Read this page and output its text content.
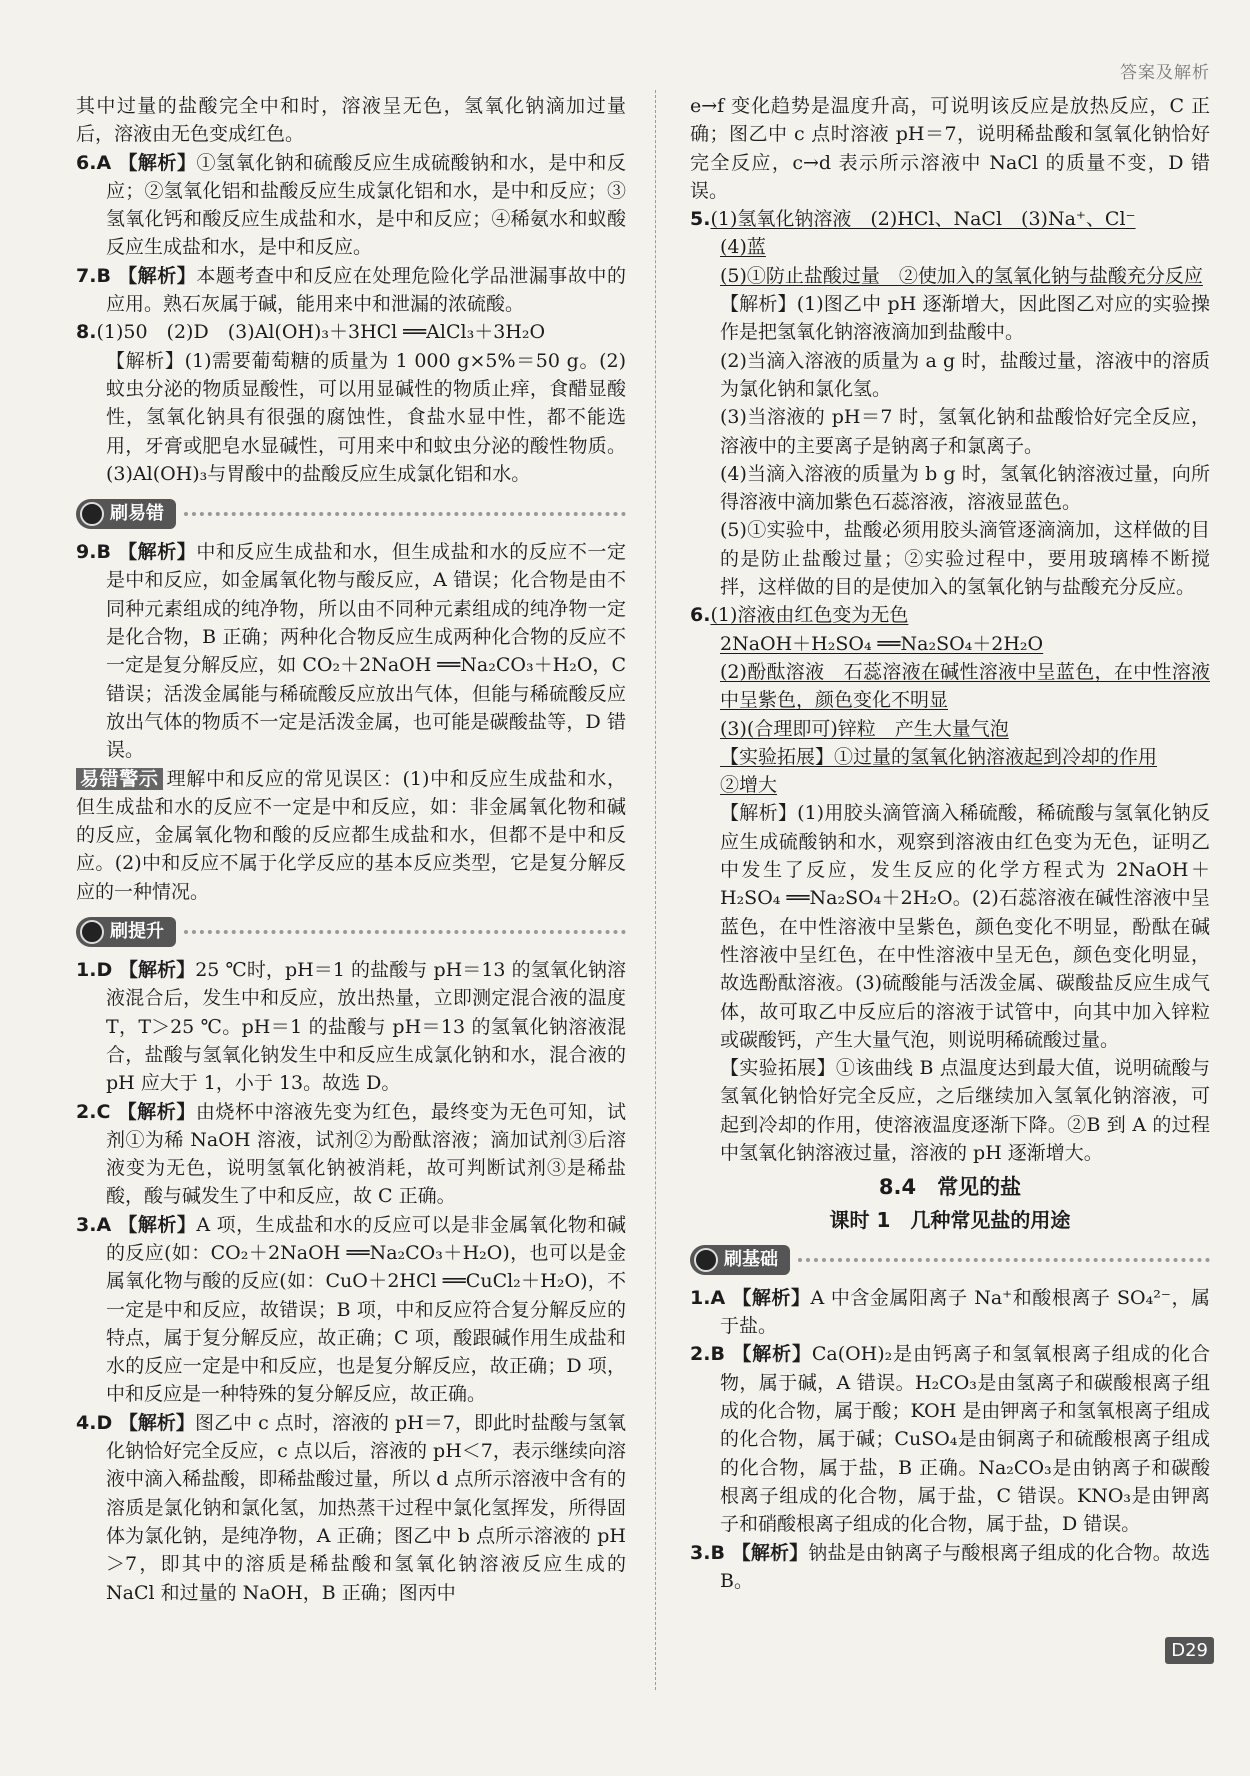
答案及解析

其中过量的盐酸完全中和时，溶液呈无色，氢氧化钠滴加过量后，溶液由无色变成红色。

6.A 【解析】①氢氧化钠和硫酸反应生成硫酸钠和水，是中和反应；②氢氧化铝和盐酸反应生成氯化铝和水，是中和反应；③氢氧化钙和酸反应生成盐和水，是中和反应；④稀氨水和蚁酸反应生成盐和水，是中和反应。

7.B 【解析】本题考查中和反应在处理危险化学品泄漏事故中的应用。熟石灰属于碱，能用来中和泄漏的浓硫酸。

8.(1)50　(2)D　(3)Al(OH)₃＋3HCl ══AlCl₃＋3H₂O

【解析】(1)需要葡萄糖的质量为 1 000 g×5%＝50 g。(2)蚊虫分泌的物质显酸性，可以用显碱性的物质止痒，食醋显酸性，氢氧化钠具有很强的腐蚀性，食盐水显中性，都不能选用，牙膏或肥皂水显碱性，可用来中和蚊虫分泌的酸性物质。(3)Al(OH)₃与胃酸中的盐酸反应生成氯化铝和水。

刷易错

9.B 【解析】中和反应生成盐和水，但生成盐和水的反应不一定是中和反应，如金属氧化物与酸反应，A 错误；化合物是由不同种元素组成的纯净物，所以由不同种元素组成的纯净物一定是化合物，B 正确；两种化合物反应生成两种化合物的反应不一定是复分解反应，如 CO₂＋2NaOH ══Na₂CO₃＋H₂O，C 错误；活泼金属能与稀硫酸反应放出气体，但能与稀硫酸反应放出气体的物质不一定是活泼金属，也可能是碳酸盐等，D 错误。

易错警示 理解中和反应的常见误区：(1)中和反应生成盐和水，但生成盐和水的反应不一定是中和反应，如：非金属氧化物和碱的反应，金属氧化物和酸的反应都生成盐和水，但都不是中和反应。(2)中和反应不属于化学反应的基本反应类型，它是复分解反应的一种情况。

刷提升

1.D 【解析】25 ℃时，pH＝1 的盐酸与 pH＝13 的氢氧化钠溶液混合后，发生中和反应，放出热量，立即测定混合液的温度 T，T＞25 ℃。pH＝1 的盐酸与 pH＝13 的氢氧化钠溶液混合，盐酸与氢氧化钠发生中和反应生成氯化钠和水，混合液的 pH 应大于 1，小于 13。故选 D。

2.C 【解析】由烧杯中溶液先变为红色，最终变为无色可知，试剂①为稀 NaOH 溶液，试剂②为酚酞溶液；滴加试剂③后溶液变为无色，说明氢氧化钠被消耗，故可判断试剂③是稀盐酸，酸与碱发生了中和反应，故 C 正确。

3.A 【解析】A 项，生成盐和水的反应可以是非金属氧化物和碱的反应(如：CO₂＋2NaOH ══Na₂CO₃＋H₂O)，也可以是金属氧化物与酸的反应(如：CuO＋2HCl ══CuCl₂＋H₂O)，不一定是中和反应，故错误；B 项，中和反应符合复分解反应的特点，属于复分解反应，故正确；C 项，酸跟碱作用生成盐和水的反应一定是中和反应，也是复分解反应，故正确；D 项，中和反应是一种特殊的复分解反应，故正确。

4.D 【解析】图乙中 c 点时，溶液的 pH＝7，即此时盐酸与氢氧化钠恰好完全反应，c 点以后，溶液的 pH＜7，表示继续向溶液中滴入稀盐酸，即稀盐酸过量，所以 d 点所示溶液中含有的溶质是氯化钠和氯化氢，加热蒸干过程中氯化氢挥发，所得固体为氯化钠，是纯净物，A 正确；图乙中 b 点所示溶液的 pH＞7，即其中的溶质是稀盐酸和氢氧化钠溶液反应生成的 NaCl 和过量的 NaOH，B 正确；图丙中

e→f 变化趋势是温度升高，可说明该反应是放热反应，C 正确；图乙中 c 点时溶液 pH＝7，说明稀盐酸和氢氧化钠恰好完全反应，c→d 表示所示溶液中 NaCl 的质量不变，D 错误。

5.(1)氢氧化钠溶液　(2)HCl、NaCl　(3)Na⁺、Cl⁻

(4)蓝

(5)①防止盐酸过量　②使加入的氢氧化钠与盐酸充分反应

【解析】(1)图乙中 pH 逐渐增大，因此图乙对应的实验操作是把氢氧化钠溶液滴加到盐酸中。

(2)当滴入溶液的质量为 a g 时，盐酸过量，溶液中的溶质为氯化钠和氯化氢。

(3)当溶液的 pH＝7 时，氢氧化钠和盐酸恰好完全反应，溶液中的主要离子是钠离子和氯离子。

(4)当滴入溶液的质量为 b g 时，氢氧化钠溶液过量，向所得溶液中滴加紫色石蕊溶液，溶液显蓝色。

(5)①实验中，盐酸必须用胶头滴管逐滴滴加，这样做的目的是防止盐酸过量；②实验过程中，要用玻璃棒不断搅拌，这样做的目的是使加入的氢氧化钠与盐酸充分反应。

6.(1)溶液由红色变为无色

2NaOH＋H₂SO₄ ══Na₂SO₄＋2H₂O

(2)酚酞溶液　石蕊溶液在碱性溶液中呈蓝色，在中性溶液中呈紫色，颜色变化不明显

(3)(合理即可)锌粒　产生大量气泡

【实验拓展】①过量的氢氧化钠溶液起到冷却的作用

②增大

【解析】(1)用胶头滴管滴入稀硫酸，稀硫酸与氢氧化钠反应生成硫酸钠和水，观察到溶液由红色变为无色，证明乙中发生了反应，发生反应的化学方程式为 2NaOH＋H₂SO₄ ══Na₂SO₄＋2H₂O。(2)石蕊溶液在碱性溶液中呈蓝色，在中性溶液中呈紫色，颜色变化不明显，酚酞在碱性溶液中呈红色，在中性溶液中呈无色，颜色变化明显，故选酚酞溶液。(3)硫酸能与活泼金属、碳酸盐反应生成气体，故可取乙中反应后的溶液于试管中，向其中加入锌粒或碳酸钙，产生大量气泡，则说明稀硫酸过量。

【实验拓展】①该曲线 B 点温度达到最大值，说明硫酸与氢氧化钠恰好完全反应，之后继续加入氢氧化钠溶液，可起到冷却的作用，使溶液温度逐渐下降。②B 到 A 的过程中氢氧化钠溶液过量，溶液的 pH 逐渐增大。

8.4　常见的盐
课时 1　几种常见盐的用途
刷基础

1.A 【解析】A 中含金属阳离子 Na⁺和酸根离子 SO₄²⁻，属于盐。

2.B 【解析】Ca(OH)₂是由钙离子和氢氧根离子组成的化合物，属于碱，A 错误。H₂CO₃是由氢离子和碳酸根离子组成的化合物，属于酸；KOH 是由钾离子和氢氧根离子组成的化合物，属于碱；CuSO₄是由铜离子和硫酸根离子组成的化合物，属于盐，B 正确。Na₂CO₃是由钠离子和碳酸根离子组成的化合物，属于盐，C 错误。KNO₃是由钾离子和硝酸根离子组成的化合物，属于盐，D 错误。

3.B 【解析】钠盐是由钠离子与酸根离子组成的化合物。故选 B。

D29
